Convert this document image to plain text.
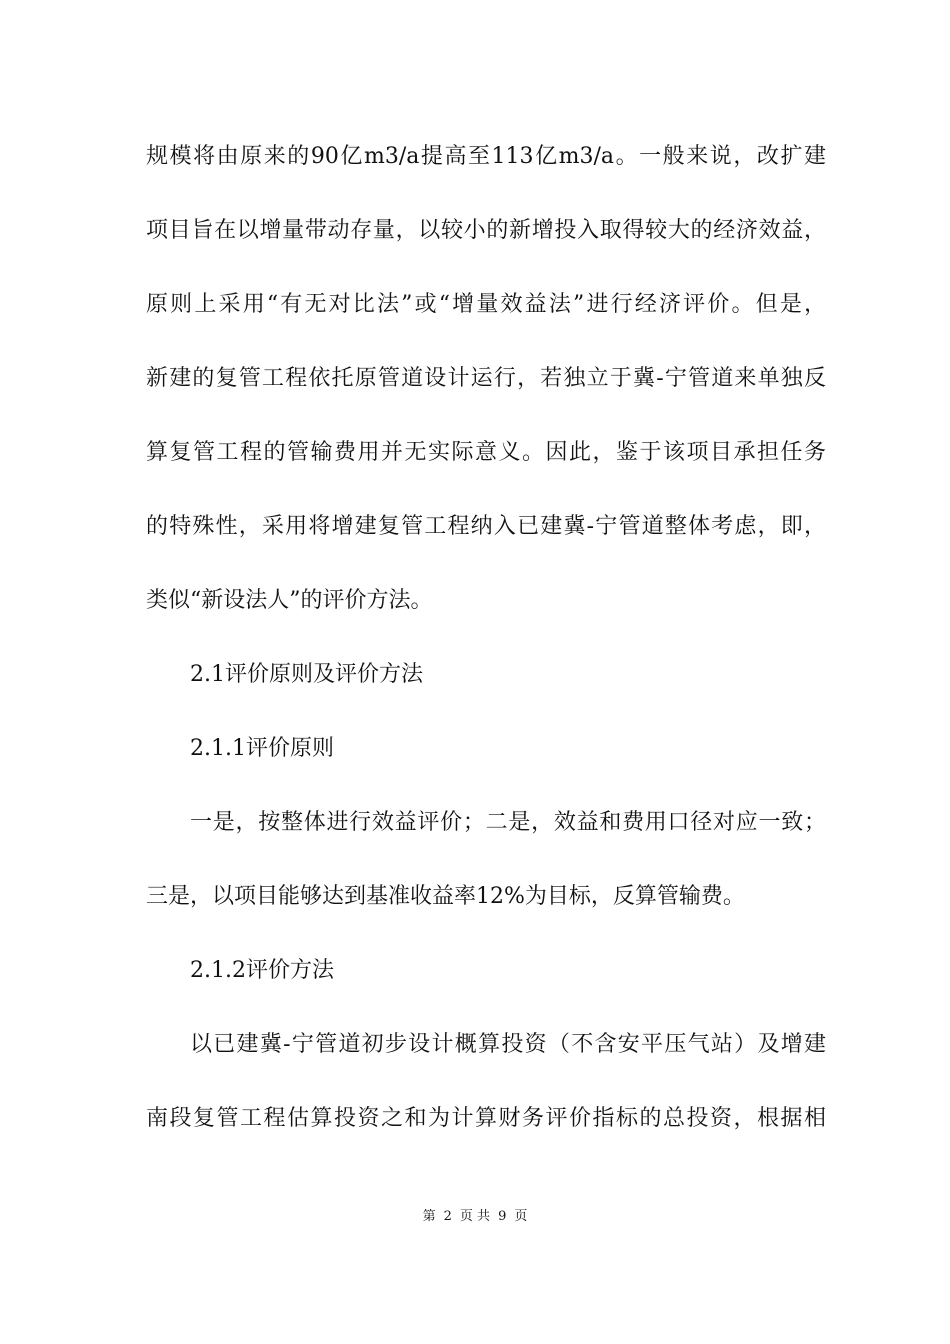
规模将由原来的90亿m3/a提高至113亿m3/a。一般来说，改扩建
项目旨在以增量带动存量，以较小的新增投入取得较大的经济效益，
原则上采用“有无对比法”或“增量效益法”进行经济评价。但是，
新建的复管工程依托原管道设计运行，若独立于冀-宁管道来单独反
算复管工程的管输费用并无实际意义。因此，鉴于该项目承担任务
的特殊性，采用将增建复管工程纳入已建冀-宁管道整体考虑，即，
类似“新设法人”的评价方法。
2.1评价原则及评价方法
2.1.1评价原则
一是，按整体进行效益评价；二是，效益和费用口径对应一致；
三是，以项目能够达到基准收益率12%为目标，反算管输费。
2.1.2评价方法
以已建冀-宁管道初步设计概算投资（不含安平压气站）及增建
南段复管工程估算投资之和为计算财务评价指标的总投资，根据相
第 2 页 共 9 页
